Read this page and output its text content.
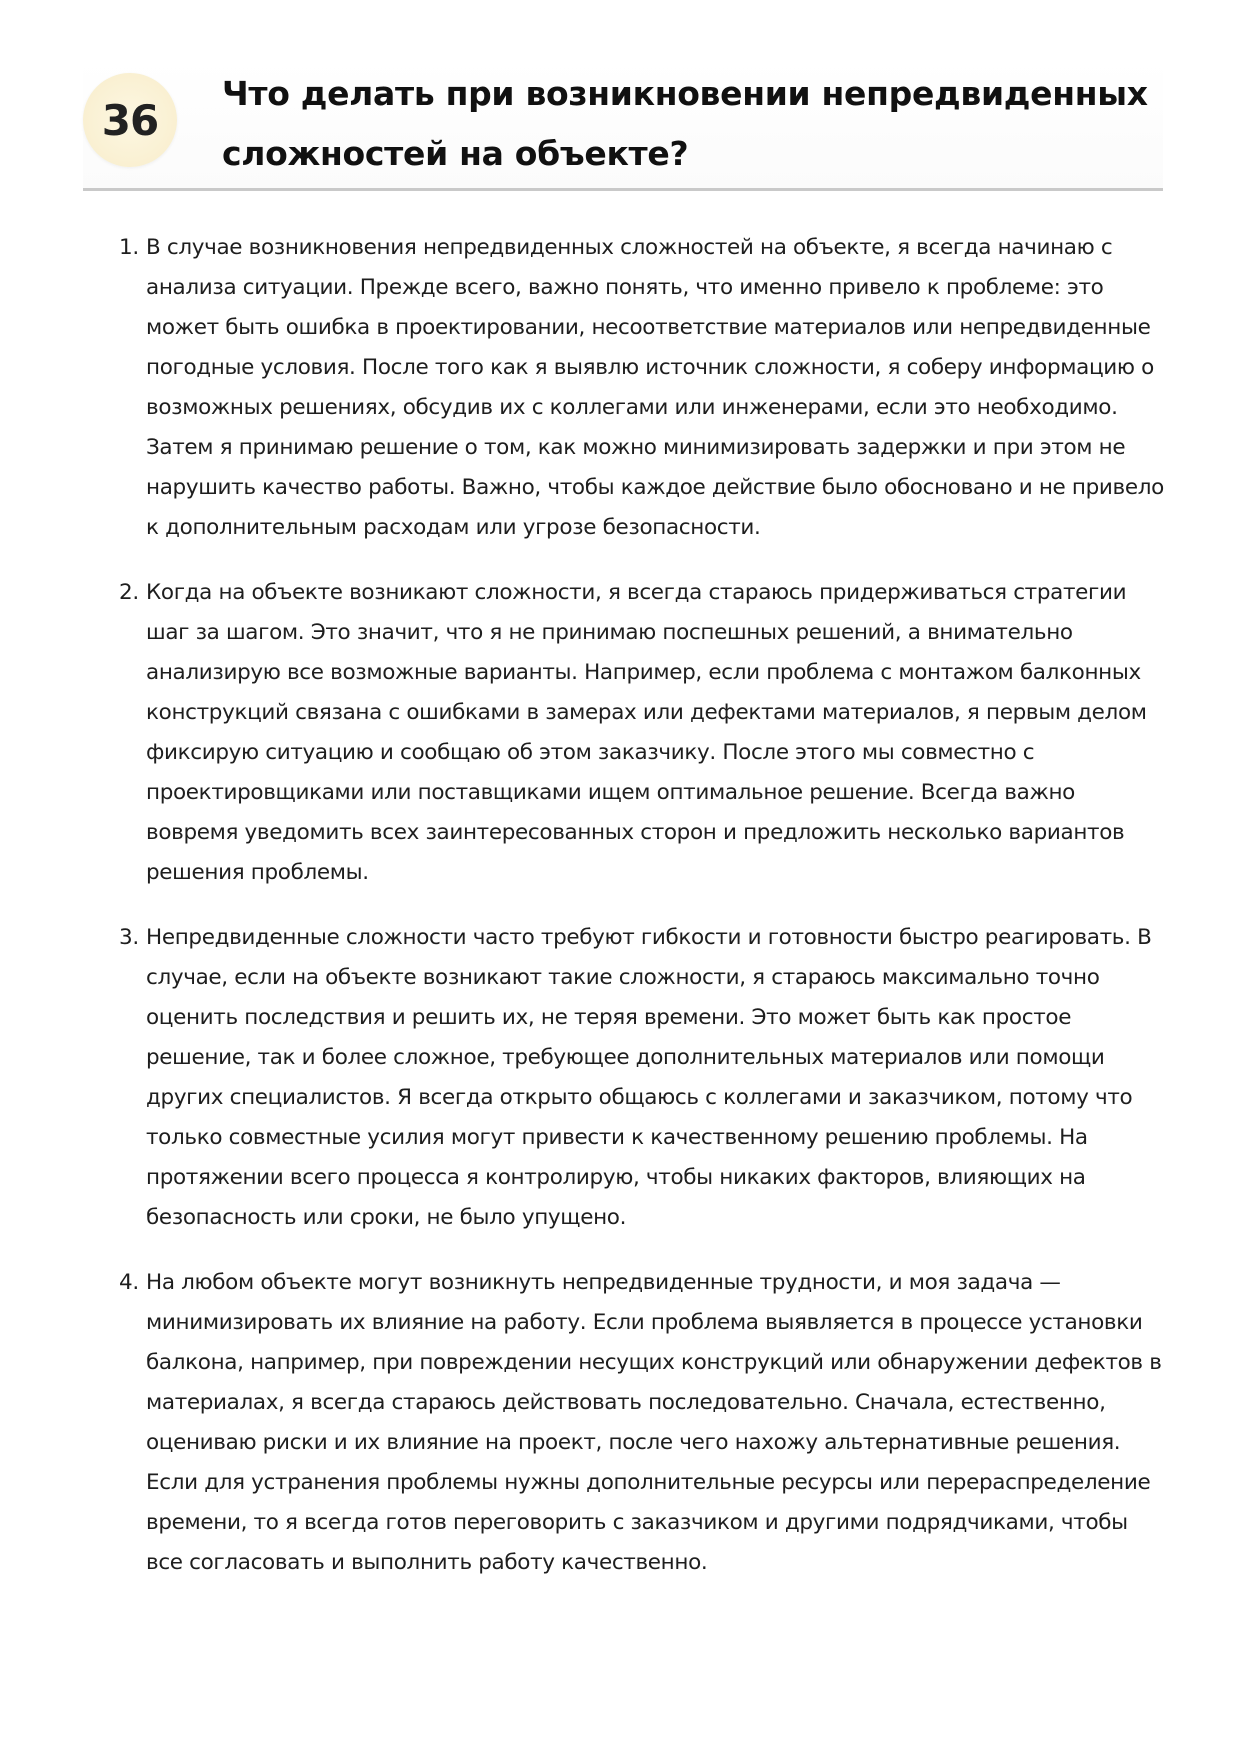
36
Что делать при возникновении непредвиденных сложностей на объекте?
1. В случае возникновения непредвиденных сложностей на объекте, я всегда начинаю с анализа ситуации. Прежде всего, важно понять, что именно привело к проблеме: это может быть ошибка в проектировании, несоответствие материалов или непредвиденные погодные условия. После того как я выявлю источник сложности, я соберу информацию о возможных решениях, обсудив их с коллегами или инженерами, если это необходимо. Затем я принимаю решение о том, как можно минимизировать задержки и при этом не нарушить качество работы. Важно, чтобы каждое действие было обосновано и не привело к дополнительным расходам или угрозе безопасности.
2. Когда на объекте возникают сложности, я всегда стараюсь придерживаться стратегии шаг за шагом. Это значит, что я не принимаю поспешных решений, а внимательно анализирую все возможные варианты. Например, если проблема с монтажом балконных конструкций связана с ошибками в замерах или дефектами материалов, я первым делом фиксирую ситуацию и сообщаю об этом заказчику. После этого мы совместно с проектировщиками или поставщиками ищем оптимальное решение. Всегда важно вовремя уведомить всех заинтересованных сторон и предложить несколько вариантов решения проблемы.
3. Непредвиденные сложности часто требуют гибкости и готовности быстро реагировать. В случае, если на объекте возникают такие сложности, я стараюсь максимально точно оценить последствия и решить их, не теряя времени. Это может быть как простое решение, так и более сложное, требующее дополнительных материалов или помощи других специалистов. Я всегда открыто общаюсь с коллегами и заказчиком, потому что только совместные усилия могут привести к качественному решению проблемы. На протяжении всего процесса я контролирую, чтобы никаких факторов, влияющих на безопасность или сроки, не было упущено.
4. На любом объекте могут возникнуть непредвиденные трудности, и моя задача — минимизировать их влияние на работу. Если проблема выявляется в процессе установки балкона, например, при повреждении несущих конструкций или обнаружении дефектов в материалах, я всегда стараюсь действовать последовательно. Сначала, естественно, оцениваю риски и их влияние на проект, после чего нахожу альтернативные решения. Если для устранения проблемы нужны дополнительные ресурсы или перераспределение времени, то я всегда готов переговорить с заказчиком и другими подрядчиками, чтобы все согласовать и выполнить работу качественно.
